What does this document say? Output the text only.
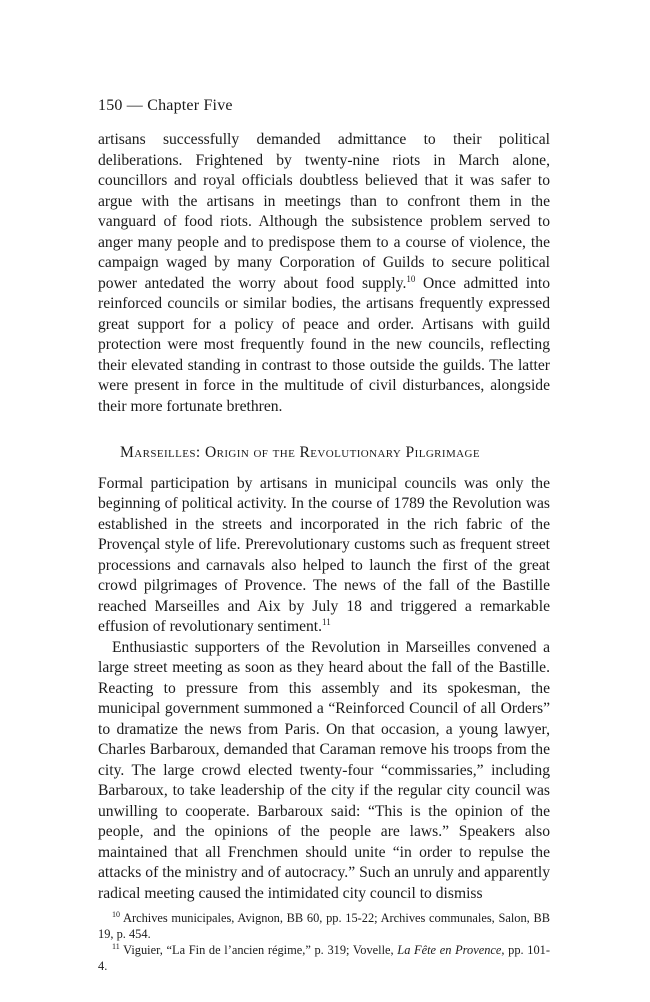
150 — Chapter Five

artisans successfully demanded admittance to their political deliberations. Frightened by twenty-nine riots in March alone, councillors and royal officials doubtless believed that it was safer to argue with the artisans in meetings than to confront them in the vanguard of food riots. Although the subsistence problem served to anger many people and to predispose them to a course of violence, the campaign waged by many Corporation of Guilds to secure political power antedated the worry about food supply.$^{10}$ Once admitted into reinforced councils or similar bodies, the artisans frequently expressed great support for a policy of peace and order. Artisans with guild protection were most frequently found in the new councils, reflecting their elevated standing in contrast to those outside the guilds. The latter were present in force in the multitude of civil disturbances, alongside their more fortunate brethren.

Marseilles: Origin of the Revolutionary Pilgrimage

Formal participation by artisans in municipal councils was only the beginning of political activity. In the course of 1789 the Revolution was established in the streets and incorporated in the rich fabric of the Provençal style of life. Prerevolutionary customs such as frequent street processions and carnavals also helped to launch the first of the great crowd pilgrimages of Provence. The news of the fall of the Bastille reached Marseilles and Aix by July 18 and triggered a remarkable effusion of revolutionary sentiment.$^{11}$

Enthusiastic supporters of the Revolution in Marseilles convened a large street meeting as soon as they heard about the fall of the Bastille. Reacting to pressure from this assembly and its spokesman, the municipal government summoned a “Reinforced Council of all Orders” to dramatize the news from Paris. On that occasion, a young lawyer, Charles Barbaroux, demanded that Caraman remove his troops from the city. The large crowd elected twenty-four “commissaries,” including Barbaroux, to take leadership of the city if the regular city council was unwilling to cooperate. Barbaroux said: “This is the opinion of the people, and the opinions of the people are laws.” Speakers also maintained that all Frenchmen should unite “in order to repulse the attacks of the ministry and of autocracy.” Such an unruly and apparently radical meeting caused the intimidated city council to dismiss

$^{10}$ Archives municipales, Avignon, BB 60, pp. 15-22; Archives communales, Salon, BB 19, p. 454.

$^{11}$ Viguier, “La Fin de l’ancien régime,” p. 319; Vovelle, La Fête en Provence, pp. 101-4.
